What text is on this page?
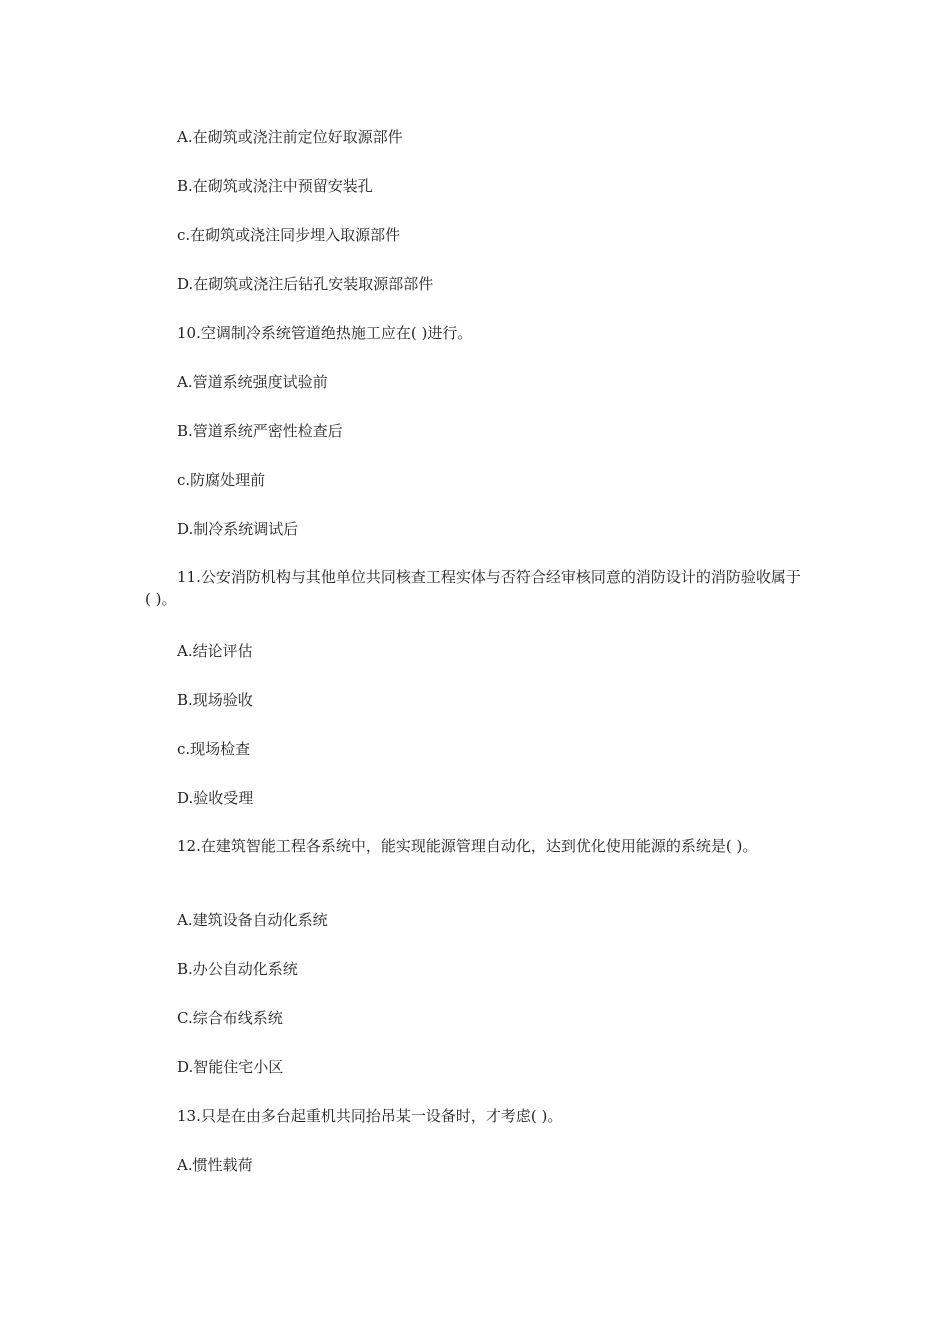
A.在砌筑或浇注前定位好取源部件
B.在砌筑或浇注中预留安装孔
c.在砌筑或浇注同步埋入取源部件
D.在砌筑或浇注后钻孔安装取源部部件
10.空调制冷系统管道绝热施工应在( )进行。
A.管道系统强度试验前
B.管道系统严密性检查后
c.防腐处理前
D.制冷系统调试后
11.公安消防机构与其他单位共同核查工程实体与否符合经审核同意的消防设计的消防验收属于( )。
A.结论评估
B.现场验收
c.现场检查
D.验收受理
12.在建筑智能工程各系统中，能实现能源管理自动化，达到优化使用能源的系统是( )。
A.建筑设备自动化系统
B.办公自动化系统
C.综合布线系统
D.智能住宅小区
13.只是在由多台起重机共同抬吊某一设备时，才考虑( )。
A.惯性载荷
